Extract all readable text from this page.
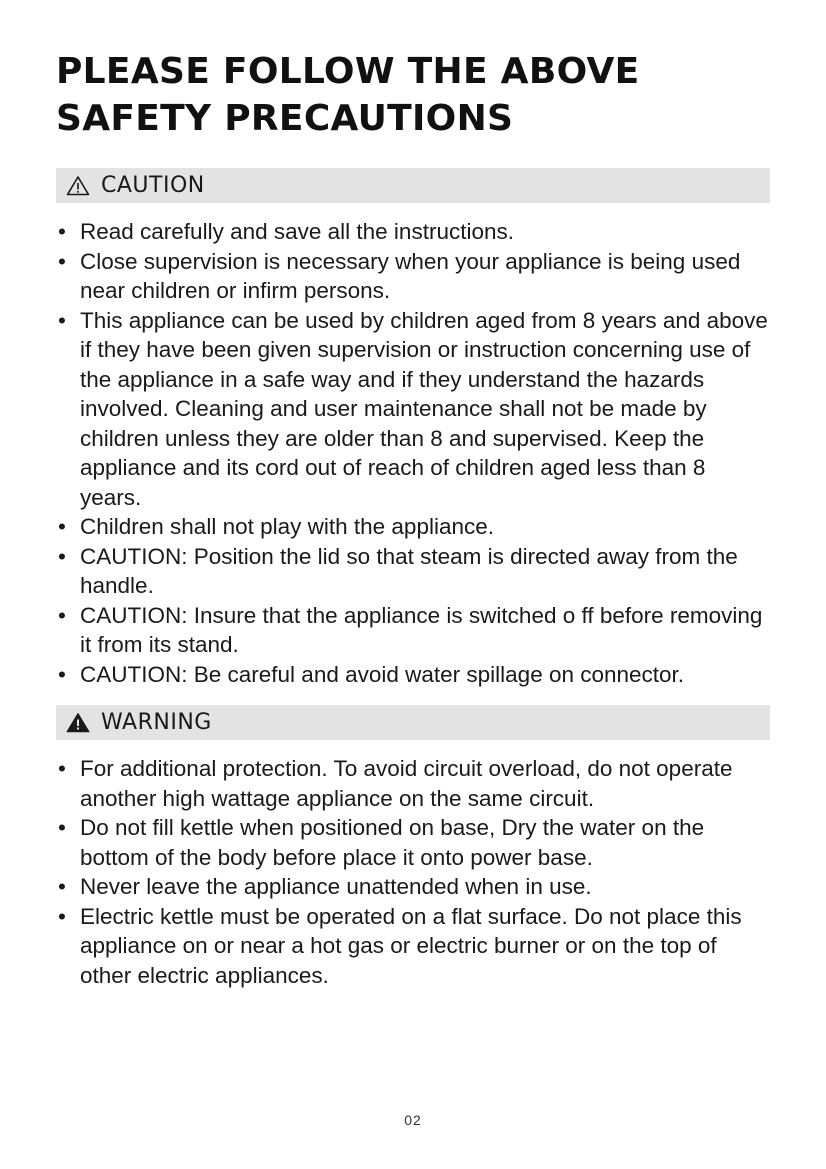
PLEASE FOLLOW THE ABOVE
SAFETY PRECAUTIONS
CAUTION
• Read carefully and save all the instructions.
• Close supervision is necessary when your appliance is being used near children or infirm persons.
• This appliance can be used by children aged from 8 years and above if they have been given supervision or instruction concerning use of the appliance in a safe way and if they understand the hazards involved. Cleaning and user maintenance shall not be made by children unless they are older than 8 and supervised. Keep the appliance and its cord out of reach of children aged less than 8 years.
• Children shall not play with the appliance.
• CAUTION: Position the lid so that steam is directed away from the handle.
• CAUTION: Insure that the appliance is switched o ff before removing it from its stand.
• CAUTION: Be careful and avoid water spillage on connector.
WARNING
• For additional protection. To avoid circuit overload, do not operate another high wattage appliance on the same circuit.
• Do not fill kettle when positioned on base, Dry the water on the bottom of the body before place it onto power base.
• Never leave the appliance unattended when in use.
• Electric kettle must be operated on a flat surface. Do not place this appliance on or near a hot gas or electric burner or on the top of other electric appliances.
02
